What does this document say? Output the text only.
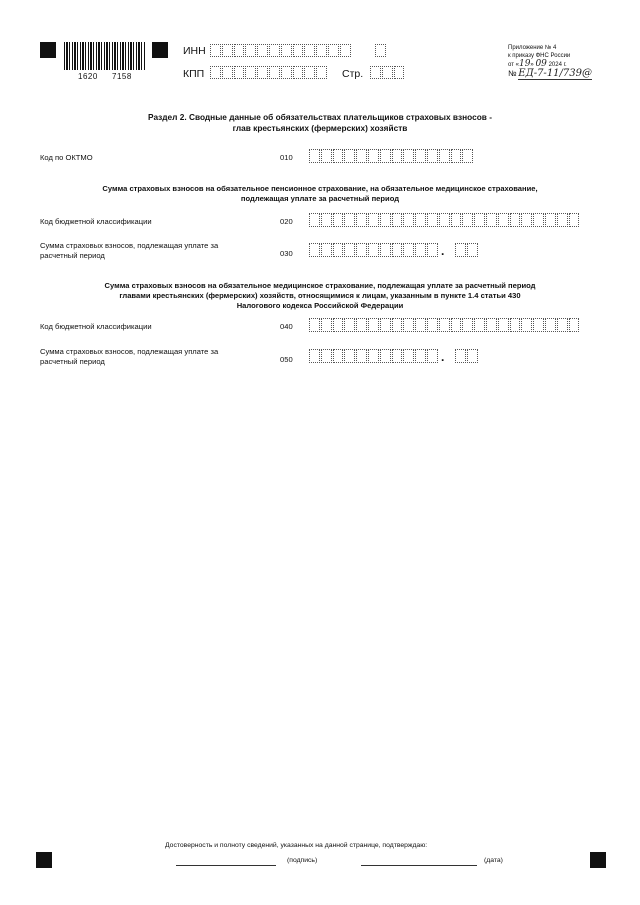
1620 7158
ИНН
КПП	Стр.
Приложение № 4
к приказу ФНС России
от «19» 09 2024 г.
№ ЕД-7-11/739@
Раздел 2. Сводные данные об обязательствах плательщиков страховых взносов -
глав крестьянских (фермерских) хозяйств
Код по ОКТМО	010
Сумма страховых взносов на обязательное пенсионное страхование, на обязательное медицинское страхование,
подлежащая уплате за расчетный период
Код бюджетной классификации	020
Сумма страховых взносов, подлежащая уплате за
расчетный период	030	.
Сумма страховых взносов на обязательное медицинское страхование, подлежащая уплате за расчетный период
главами крестьянских (фермерских) хозяйств, относящимися к лицам, указанным в пункте 1.4 статьи 430
Налогового кодекса Российской Федерации
Код бюджетной классификации	040
Сумма страховых взносов, подлежащая уплате за
расчетный период	050	.
Достоверность и полноту сведений, указанных на данной странице, подтверждаю:
(подпись)	(дата)
